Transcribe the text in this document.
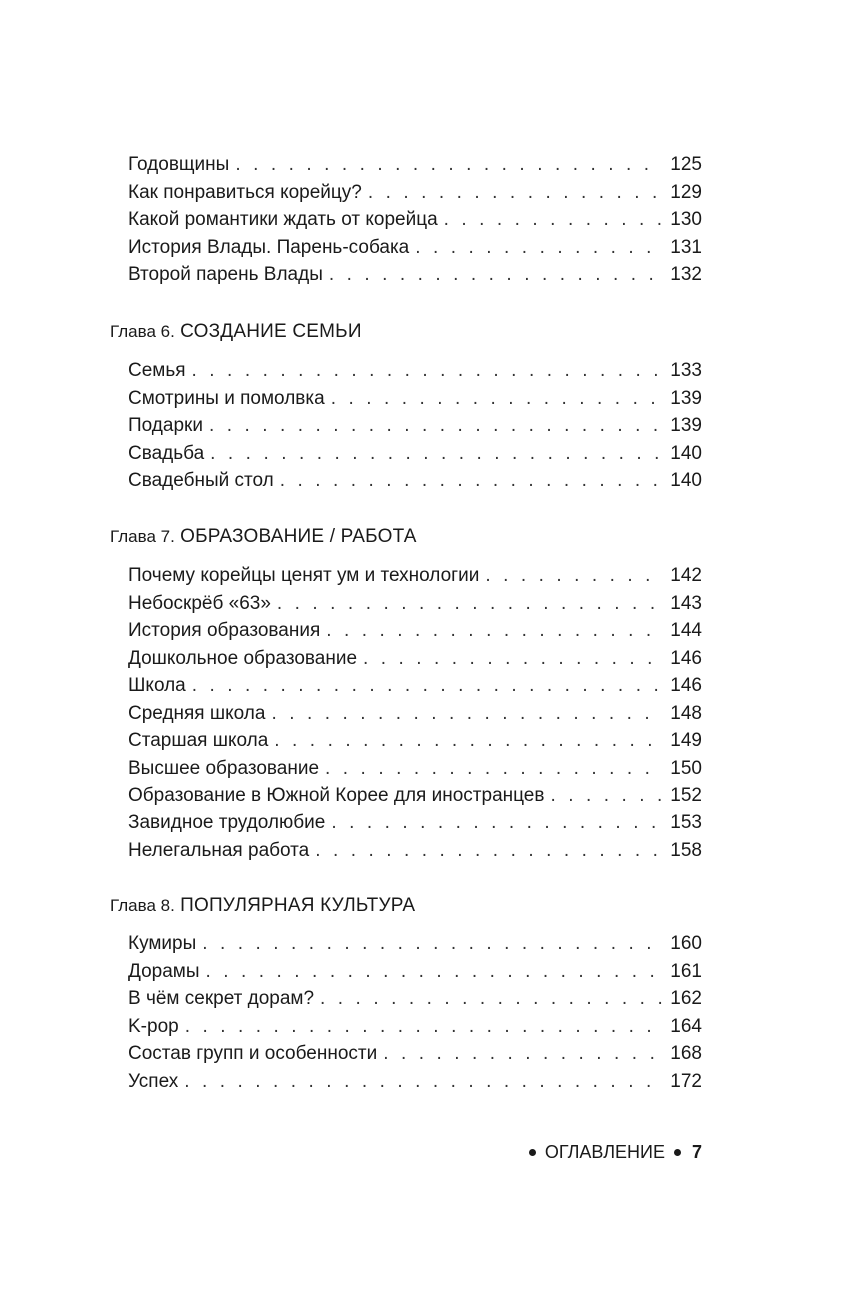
Годовщины . . .	125
Как понравиться корейцу? . . .	129
Какой романтики ждать от корейца . . .	130
История Влады. Парень-собака . . .	131
Второй парень Влады . . .	132
Глава 6. СОЗДАНИЕ СЕМЬИ
Семья . . .	133
Смотрины и помолвка . . .	139
Подарки . . .	139
Свадьба . . .	140
Свадебный стол . . .	140
Глава 7. ОБРАЗОВАНИЕ / РАБОТА
Почему корейцы ценят ум и технологии . . .	142
Небоскрёб «63» . . .	143
История образования . . .	144
Дошкольное образование . . .	146
Школа . . .	146
Средняя школа . . .	148
Старшая школа . . .	149
Высшее образование . . .	150
Образование в Южной Корее для иностранцев . . .	152
Завидное трудолюбие . . .	153
Нелегальная работа . . .	158
Глава 8. ПОПУЛЯРНАЯ КУЛЬТУРА
Кумиры . . .	160
Дорамы . . .	161
В чём секрет дорам? . . .	162
K-pop . . .	164
Состав групп и особенности . . .	168
Успех . . .	172
ОГЛАВЛЕНИЕ 7
